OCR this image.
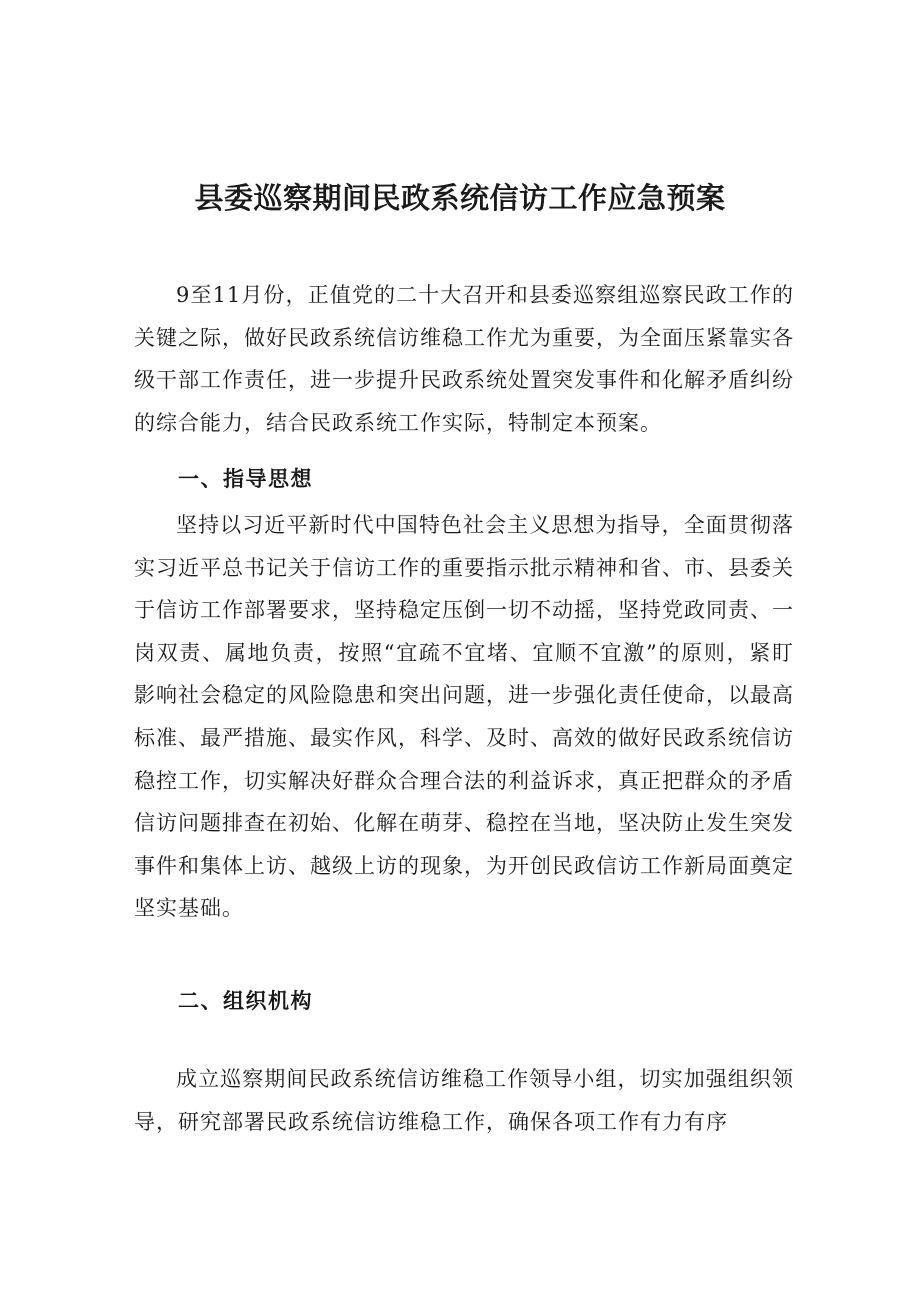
县委巡察期间民政系统信访工作应急预案

9至11月份，正值党的二十大召开和县委巡察组巡察民政工作的关键之际，做好民政系统信访维稳工作尤为重要，为全面压紧靠实各级干部工作责任，进一步提升民政系统处置突发事件和化解矛盾纠纷的综合能力，结合民政系统工作实际，特制定本预案。

一、指导思想

坚持以习近平新时代中国特色社会主义思想为指导，全面贯彻落实习近平总书记关于信访工作的重要指示批示精神和省、市、县委关于信访工作部署要求，坚持稳定压倒一切不动摇，坚持党政同责、一岗双责、属地负责，按照“宜疏不宜堵、宜顺不宜激”的原则，紧盯影响社会稳定的风险隐患和突出问题，进一步强化责任使命，以最高标准、最严措施、最实作风，科学、及时、高效的做好民政系统信访稳控工作，切实解决好群众合理合法的利益诉求，真正把群众的矛盾信访问题排查在初始、化解在萌芽、稳控在当地，坚决防止发生突发事件和集体上访、越级上访的现象，为开创民政信访工作新局面奠定坚实基础。

二、组织机构

成立巡察期间民政系统信访维稳工作领导小组，切实加强组织领导，研究部署民政系统信访维稳工作，确保各项工作有力有序
